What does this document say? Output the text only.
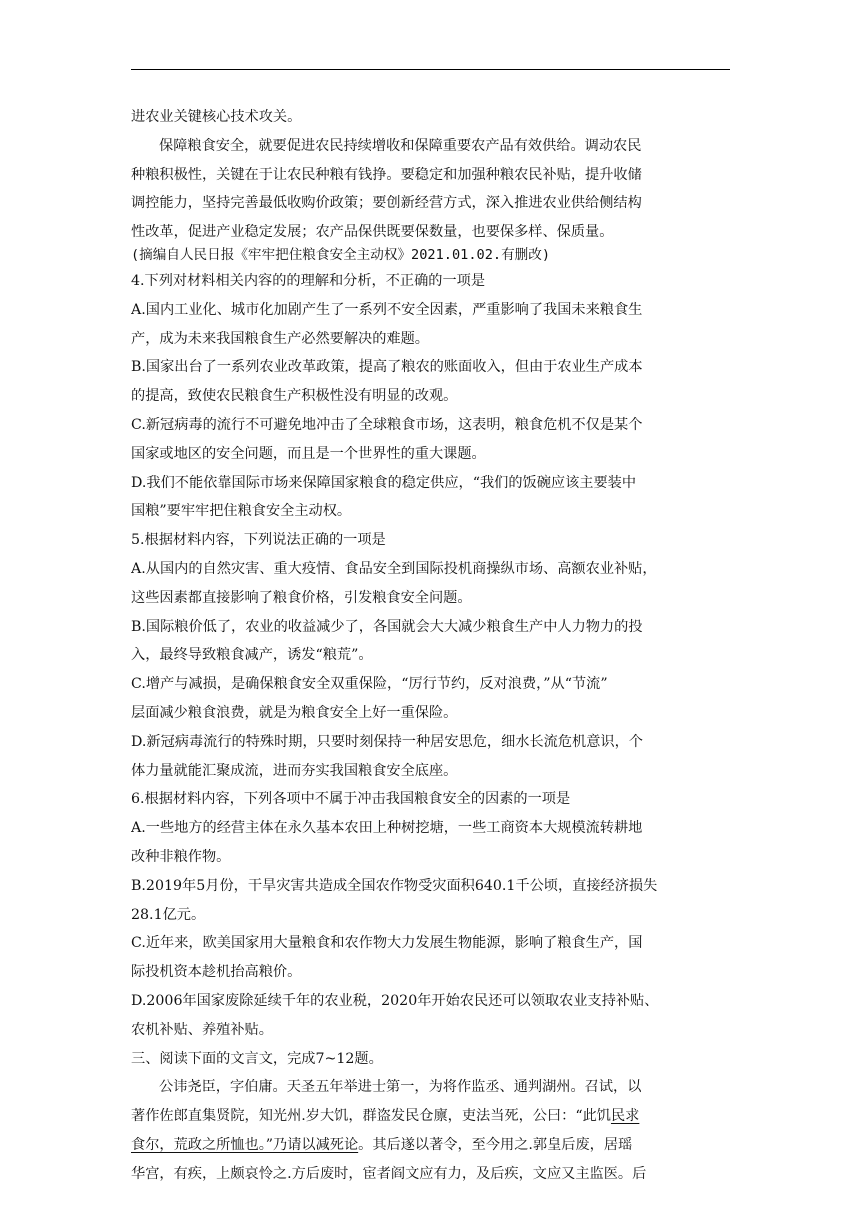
进农业关键核心技术攻关。
保障粮食安全，就要促进农民持续增收和保障重要农产品有效供给。调动农民
种粮积极性，关键在于让农民种粮有钱挣。要稳定和加强种粮农民补贴，提升收储
调控能力，坚持完善最低收购价政策；要创新经营方式，深入推进农业供给侧结构
性改革，促进产业稳定发展；农产品保供既要保数量，也要保多样、保质量。
(摘编自人民日报《牢牢把住粮食安全主动权》2021.01.02.有删改)
4.下列对材料相关内容的的理解和分析，不正确的一项是
A.国内工业化、城市化加剧产生了一系列不安全因素，严重影响了我国未来粮食生
产，成为未来我国粮食生产必然要解决的难题。
B.国家出台了一系列农业改革政策，提高了粮农的账面收入，但由于农业生产成本
的提高，致使农民粮食生产积极性没有明显的改观。
C.新冠病毒的流行不可避免地冲击了全球粮食市场，这表明，粮食危机不仅是某个
国家或地区的安全问题，而且是一个世界性的重大课题。
D.我们不能依靠国际市场来保障国家粮食的稳定供应，“我们的饭碗应该主要装中
国粮”要牢牢把住粮食安全主动权。
5.根据材料内容，下列说法正确的一项是
A.从国内的自然灾害、重大疫情、食品安全到国际投机商操纵市场、高额农业补贴，
这些因素都直接影响了粮食价格，引发粮食安全问题。
B.国际粮价低了，农业的收益减少了，各国就会大大减少粮食生产中人力物力的投
入，最终导致粮食减产，诱发“粮荒”。
C.增产与减损，是确保粮食安全双重保险，“厉行节约，反对浪费，”从“节流”
层面减少粮食浪费，就是为粮食安全上好一重保险。
D.新冠病毒流行的特殊时期，只要时刻保持一种居安思危，细水长流危机意识，个
体力量就能汇聚成流，进而夯实我国粮食安全底座。
6.根据材料内容，下列各项中不属于冲击我国粮食安全的因素的一项是
A.一些地方的经营主体在永久基本农田上种树挖塘，一些工商资本大规模流转耕地
改种非粮作物。
B.2019年5月份，干旱灾害共造成全国农作物受灾面积640.1千公顷，直接经济损失
28.1亿元。
C.近年来，欧美国家用大量粮食和农作物大力发展生物能源，影响了粮食生产，国
际投机资本趁机抬高粮价。
D.2006年国家废除延续千年的农业税，2020年开始农民还可以领取农业支持补贴、
农机补贴、养殖补贴。
三、阅读下面的文言文，完成7~12题。
公讳尧臣，字伯庸。天圣五年举进士第一，为将作监丞、通判湖州。召试，以
著作佐郎直集贤院，知光州.岁大饥，群盗发民仓廪，吏法当死，公曰：“此饥民求
食尔，荒政之所恤也。”乃请以减死论。其后遂以著令，至今用之.郭皇后废，居瑶
华宫，有疾，上颇哀怜之.方后废时，宦者阎文应有力，及后疾，文应又主监医。后
